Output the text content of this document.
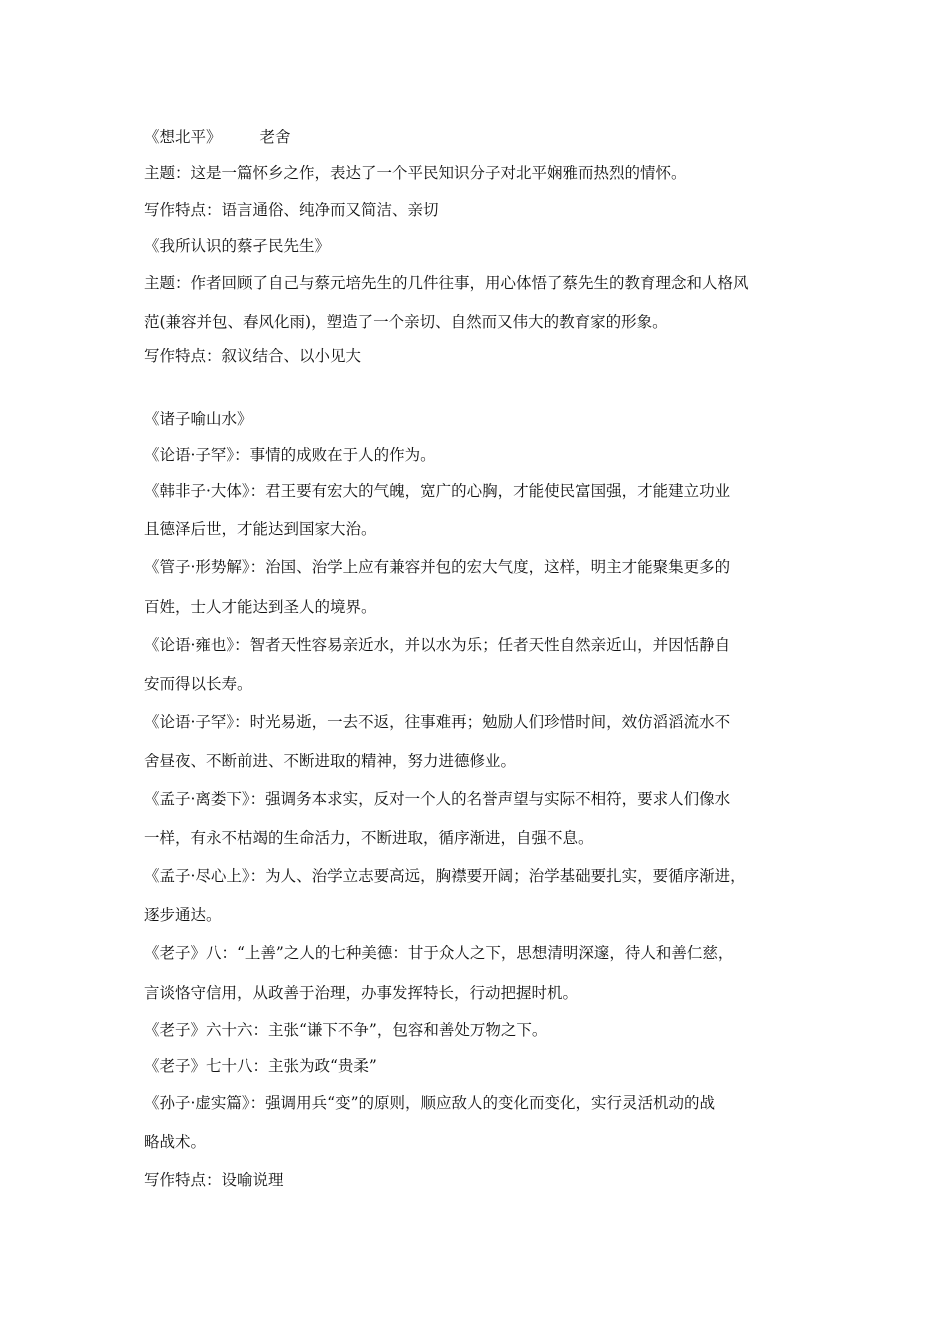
《想北平》 老舍
主题：这是一篇怀乡之作，表达了一个平民知识分子对北平娴雅而热烈的情怀。
写作特点：语言通俗、纯净而又简洁、亲切
《我所认识的蔡孑民先生》
主题：作者回顾了自己与蔡元培先生的几件往事，用心体悟了蔡先生的教育理念和人格风
范(兼容并包、春风化雨)，塑造了一个亲切、自然而又伟大的教育家的形象。
写作特点：叙议结合、以小见大
《诸子喻山水》
《论语·子罕》：事情的成败在于人的作为。
《韩非子·大体》：君王要有宏大的气魄，宽广的心胸，才能使民富国强，才能建立功业
且德泽后世，才能达到国家大治。
《管子·形势解》：治国、治学上应有兼容并包的宏大气度，这样，明主才能聚集更多的
百姓，士人才能达到圣人的境界。
《论语·雍也》：智者天性容易亲近水，并以水为乐；任者天性自然亲近山，并因恬静自
安而得以长寿。
《论语·子罕》：时光易逝，一去不返，往事难再；勉励人们珍惜时间，效仿滔滔流水不
舍昼夜、不断前进、不断进取的精神，努力进德修业。
《孟子·离娄下》：强调务本求实，反对一个人的名誉声望与实际不相符，要求人们像水
一样，有永不枯竭的生命活力，不断进取，循序渐进，自强不息。
《孟子·尽心上》：为人、治学立志要高远，胸襟要开阔；治学基础要扎实，要循序渐进，
逐步通达。
《老子》八：“上善”之人的七种美德：甘于众人之下，思想清明深邃，待人和善仁慈，
言谈恪守信用，从政善于治理，办事发挥特长，行动把握时机。
《老子》六十六：主张“谦下不争”，包容和善处万物之下。
《老子》七十八：主张为政“贵柔”
《孙子·虚实篇》：强调用兵“变”的原则，顺应敌人的变化而变化，实行灵活机动的战
略战术。
写作特点：设喻说理
